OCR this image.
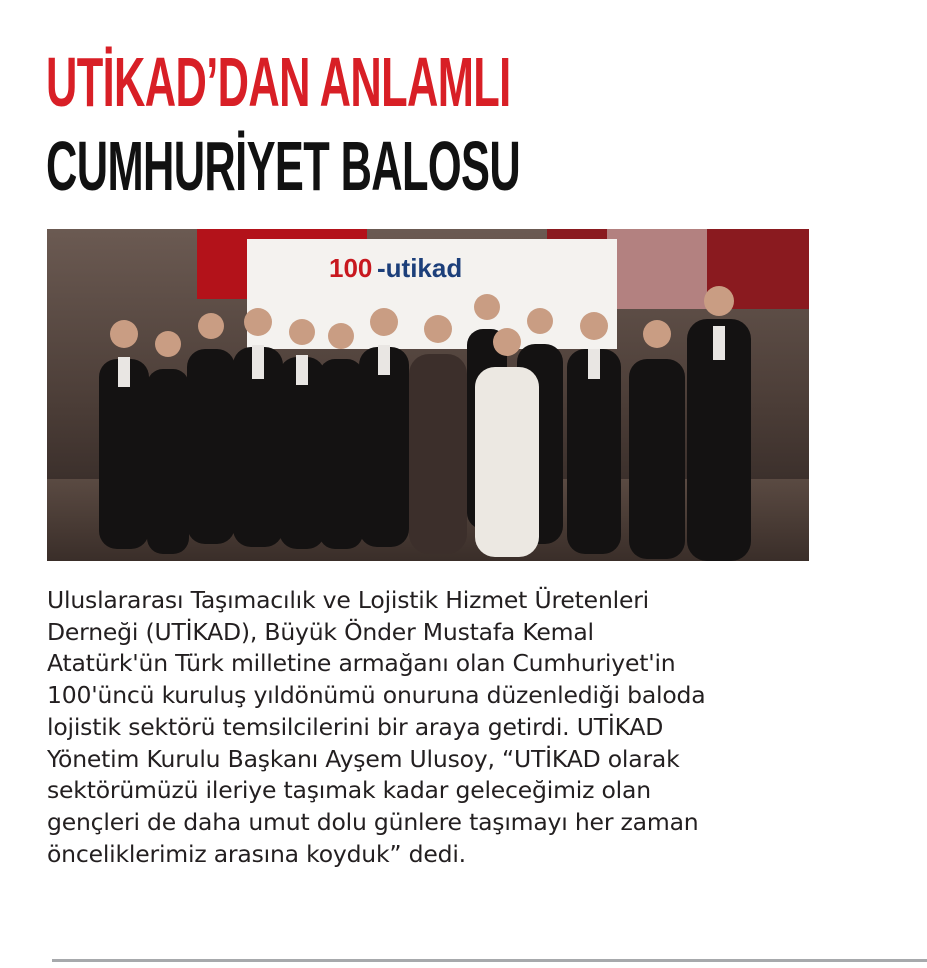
UTİKAD’DAN ANLAMLI
CUMHURİYET BALOSU
100 -utikad

Uluslararası Taşımacılık ve Lojistik Hizmet Üretenleri
Derneği (UTİKAD), Büyük Önder Mustafa Kemal
Atatürk'ün Türk milletine armağanı olan Cumhuriyet'in
100'üncü kuruluş yıldönümü onuruna düzenlediği baloda
lojistik sektörü temsilcilerini bir araya getirdi. UTİKAD
Yönetim Kurulu Başkanı Ayşem Ulusoy, “UTİKAD olarak
sektörümüzü ileriye taşımak kadar geleceğimiz olan
gençleri de daha umut dolu günlere taşımayı her zaman
önceliklerimiz arasına koyduk” dedi.
